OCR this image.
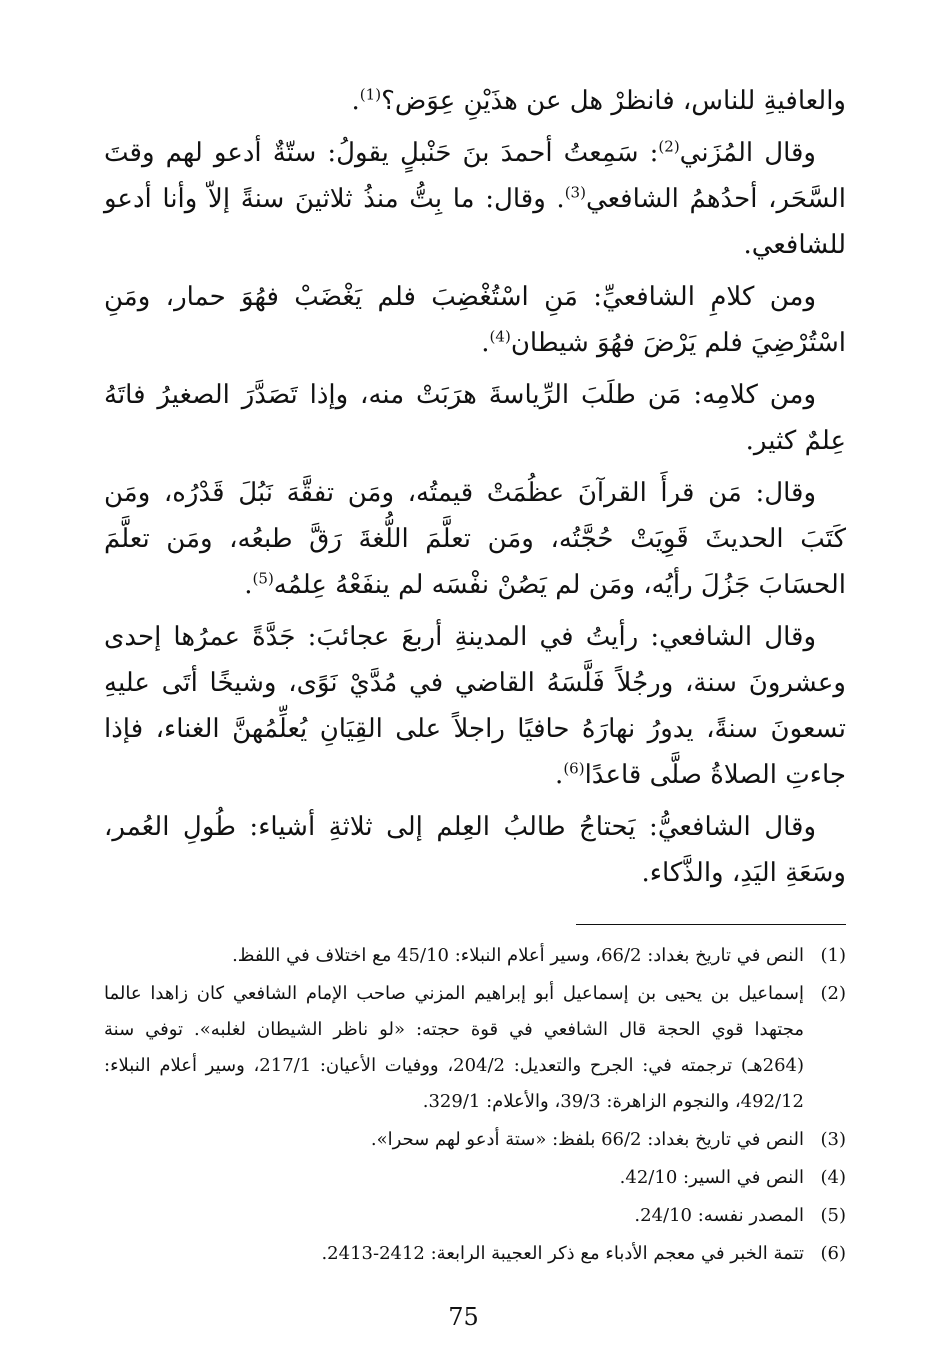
والعافيةِ للناس، فانظرْ هل عن هذَيْنِ عِوَض؟$^{(1)}$.

وقال المُزَني$^{(2)}$: سَمِعتُ أحمدَ بنَ حَنْبلٍ يقولُ: ستّةٌ أدعو لهم وقتَ السَّحَر، أحدُهمُ الشافعي$^{(3)}$. وقال: ما بِتُّ منذُ ثلاثينَ سنةً إلاّ وأنا أدعو للشافعي.

ومن كلامِ الشافعيِّ: مَنِ اسْتُغْضِبَ فلم يَغْضَبْ فهُوَ حمار، ومَنِ اسْتُرْضِيَ فلم يَرْضَ فهُوَ شيطان$^{(4)}$.

ومن كلامِه: مَن طلَبَ الرِّياسةَ هرَبَتْ منه، وإذا تَصَدَّرَ الصغيرُ فاتَهُ عِلمٌ كثير.

وقال: مَن قرأَ القرآنَ عظُمَتْ قيمتُه، ومَن تفقَّهَ نَبُلَ قَدْرُه، ومَن كَتَبَ الحديثَ قَوِيَتْ حُجَّتُه، ومَن تعلَّمَ اللُّغةَ رَقَّ طبعُه، ومَن تعلَّمَ الحسَابَ جَزُلَ رأيُه، ومَن لم يَصُنْ نفْسَه لم ينفَعْهُ عِلمُه$^{(5)}$.

وقال الشافعي: رأيتُ في المدينةِ أربعَ عجائبَ: جَدَّةً عمرُها إحدى وعشرونَ سنة، ورجُلاً فَلَّسَهُ القاضي في مُدَّيْ نَوًى، وشيخًا أتَى عليهِ تسعونَ سنةً، يدورُ نهارَهُ حافيًا راجلاً على القِيَانِ يُعلِّمُهنَّ الغناء، فإذا جاءتِ الصلاةُ صلَّى قاعدًا$^{(6)}$.

وقال الشافعيُّ: يَحتاجُ طالبُ العِلم إلى ثلاثةِ أشياء: طُولِ العُمر، وسَعَةِ اليَدِ، والذَّكاء.

(1)
النص في تاريخ بغداد: 66/2، وسير أعلام النبلاء: 45/10 مع اختلاف في اللفظ.
(2)
إسماعيل بن يحيى بن إسماعيل أبو إبراهيم المزني صاحب الإمام الشافعي كان زاهدا عالما مجتهدا قوي الحجة قال الشافعي في قوة حجته: «لو ناظر الشيطان لغلبه». توفي سنة (264هـ) ترجمته في: الجرح والتعديل: 204/2، ووفيات الأعيان: 217/1، وسير أعلام النبلاء: 492/12، والنجوم الزاهرة: 39/3، والأعلام: 329/1.
(3)
النص في تاريخ بغداد: 66/2 بلفظ: «ستة أدعو لهم سحرا».
(4)
النص في السير: 42/10.
(5)
المصدر نفسه: 24/10.
(6)
تتمة الخبر في معجم الأدباء مع ذكر العجيبة الرابعة: 2412-2413.
75
